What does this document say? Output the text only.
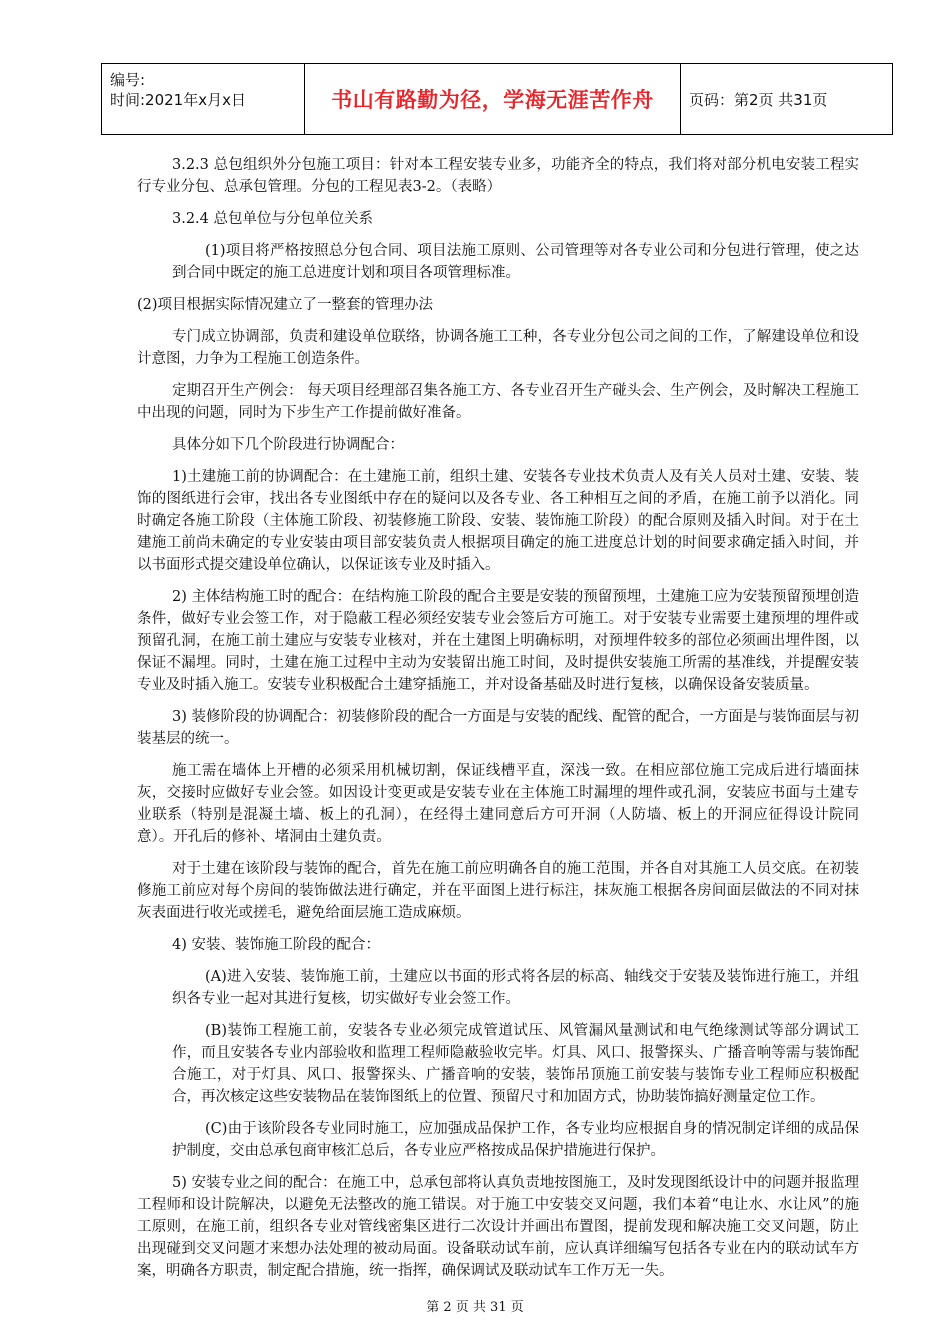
编号:
时间:2021年x月x日	书山有路勤为径，学海无涯苦作舟	页码：第2页 共31页

3.2.3 总包组织外分包施工项目：针对本工程安装专业多，功能齐全的特点，我们将对部分机电安装工程实行专业分包、总承包管理。分包的工程见表3-2。（表略）

3.2.4 总包单位与分包单位关系

(1)项目将严格按照总分包合同、项目法施工原则、公司管理等对各专业公司和分包进行管理，使之达到合同中既定的施工总进度计划和项目各项管理标准。

(2)项目根据实际情况建立了一整套的管理办法

专门成立协调部，负责和建设单位联络，协调各施工工种，各专业分包公司之间的工作，了解建设单位和设计意图，力争为工程施工创造条件。

定期召开生产例会： 每天项目经理部召集各施工方、各专业召开生产碰头会、生产例会，及时解决工程施工中出现的问题，同时为下步生产工作提前做好准备。

具体分如下几个阶段进行协调配合：

1)土建施工前的协调配合：在土建施工前，组织土建、安装各专业技术负责人及有关人员对土建、安装、装饰的图纸进行会审，找出各专业图纸中存在的疑问以及各专业、各工种相互之间的矛盾，在施工前予以消化。同时确定各施工阶段（主体施工阶段、初装修施工阶段、安装、装饰施工阶段）的配合原则及插入时间。对于在土建施工前尚未确定的专业安装由项目部安装负责人根据项目确定的施工进度总计划的时间要求确定插入时间，并以书面形式提交建设单位确认，以保证该专业及时插入。

2) 主体结构施工时的配合：在结构施工阶段的配合主要是安装的预留预埋，土建施工应为安装预留预埋创造条件，做好专业会签工作，对于隐蔽工程必须经安装专业会签后方可施工。对于安装专业需要土建预埋的埋件或预留孔洞，在施工前土建应与安装专业核对，并在土建图上明确标明，对预埋件较多的部位必须画出埋件图，以保证不漏埋。同时，土建在施工过程中主动为安装留出施工时间，及时提供安装施工所需的基准线，并提醒安装专业及时插入施工。安装专业积极配合土建穿插施工，并对设备基础及时进行复核，以确保设备安装质量。

3) 装修阶段的协调配合：初装修阶段的配合一方面是与安装的配线、配管的配合，一方面是与装饰面层与初装基层的统一。

施工需在墙体上开槽的必须采用机械切割，保证线槽平直，深浅一致。在相应部位施工完成后进行墙面抹灰，交接时应做好专业会签。如因设计变更或是安装专业在主体施工时漏埋的埋件或孔洞，安装应书面与土建专业联系（特别是混凝土墙、板上的孔洞），在经得土建同意后方可开洞（人防墙、板上的开洞应征得设计院同意）。开孔后的修补、堵洞由土建负责。

对于土建在该阶段与装饰的配合，首先在施工前应明确各自的施工范围，并各自对其施工人员交底。在初装修施工前应对每个房间的装饰做法进行确定，并在平面图上进行标注，抹灰施工根据各房间面层做法的不同对抹灰表面进行收光或搓毛，避免给面层施工造成麻烦。

4) 安装、装饰施工阶段的配合：

(A)进入安装、装饰施工前，土建应以书面的形式将各层的标高、轴线交于安装及装饰进行施工，并组织各专业一起对其进行复核，切实做好专业会签工作。

(B)装饰工程施工前，安装各专业必须完成管道试压、风管漏风量测试和电气绝缘测试等部分调试工作，而且安装各专业内部验收和监理工程师隐蔽验收完毕。灯具、风口、报警探头、广播音响等需与装饰配合施工，对于灯具、风口、报警探头、广播音响的安装，装饰吊顶施工前安装与装饰专业工程师应积极配合，再次核定这些安装物品在装饰图纸上的位置、预留尺寸和加固方式，协助装饰搞好测量定位工作。

(C)由于该阶段各专业同时施工，应加强成品保护工作，各专业均应根据自身的情况制定详细的成品保护制度，交由总承包商审核汇总后，各专业应严格按成品保护措施进行保护。

5) 安装专业之间的配合：在施工中，总承包部将认真负责地按图施工，及时发现图纸设计中的问题并报监理工程师和设计院解决，以避免无法整改的施工错误。对于施工中安装交叉问题，我们本着“电让水、水让风”的施工原则，在施工前，组织各专业对管线密集区进行二次设计并画出布置图，提前发现和解决施工交叉问题，防止出现碰到交叉问题才来想办法处理的被动局面。设备联动试车前，应认真详细编写包括各专业在内的联动试车方案，明确各方职责，制定配合措施，统一指挥，确保调试及联动试车工作万无一失。

第 2 页 共 31 页
